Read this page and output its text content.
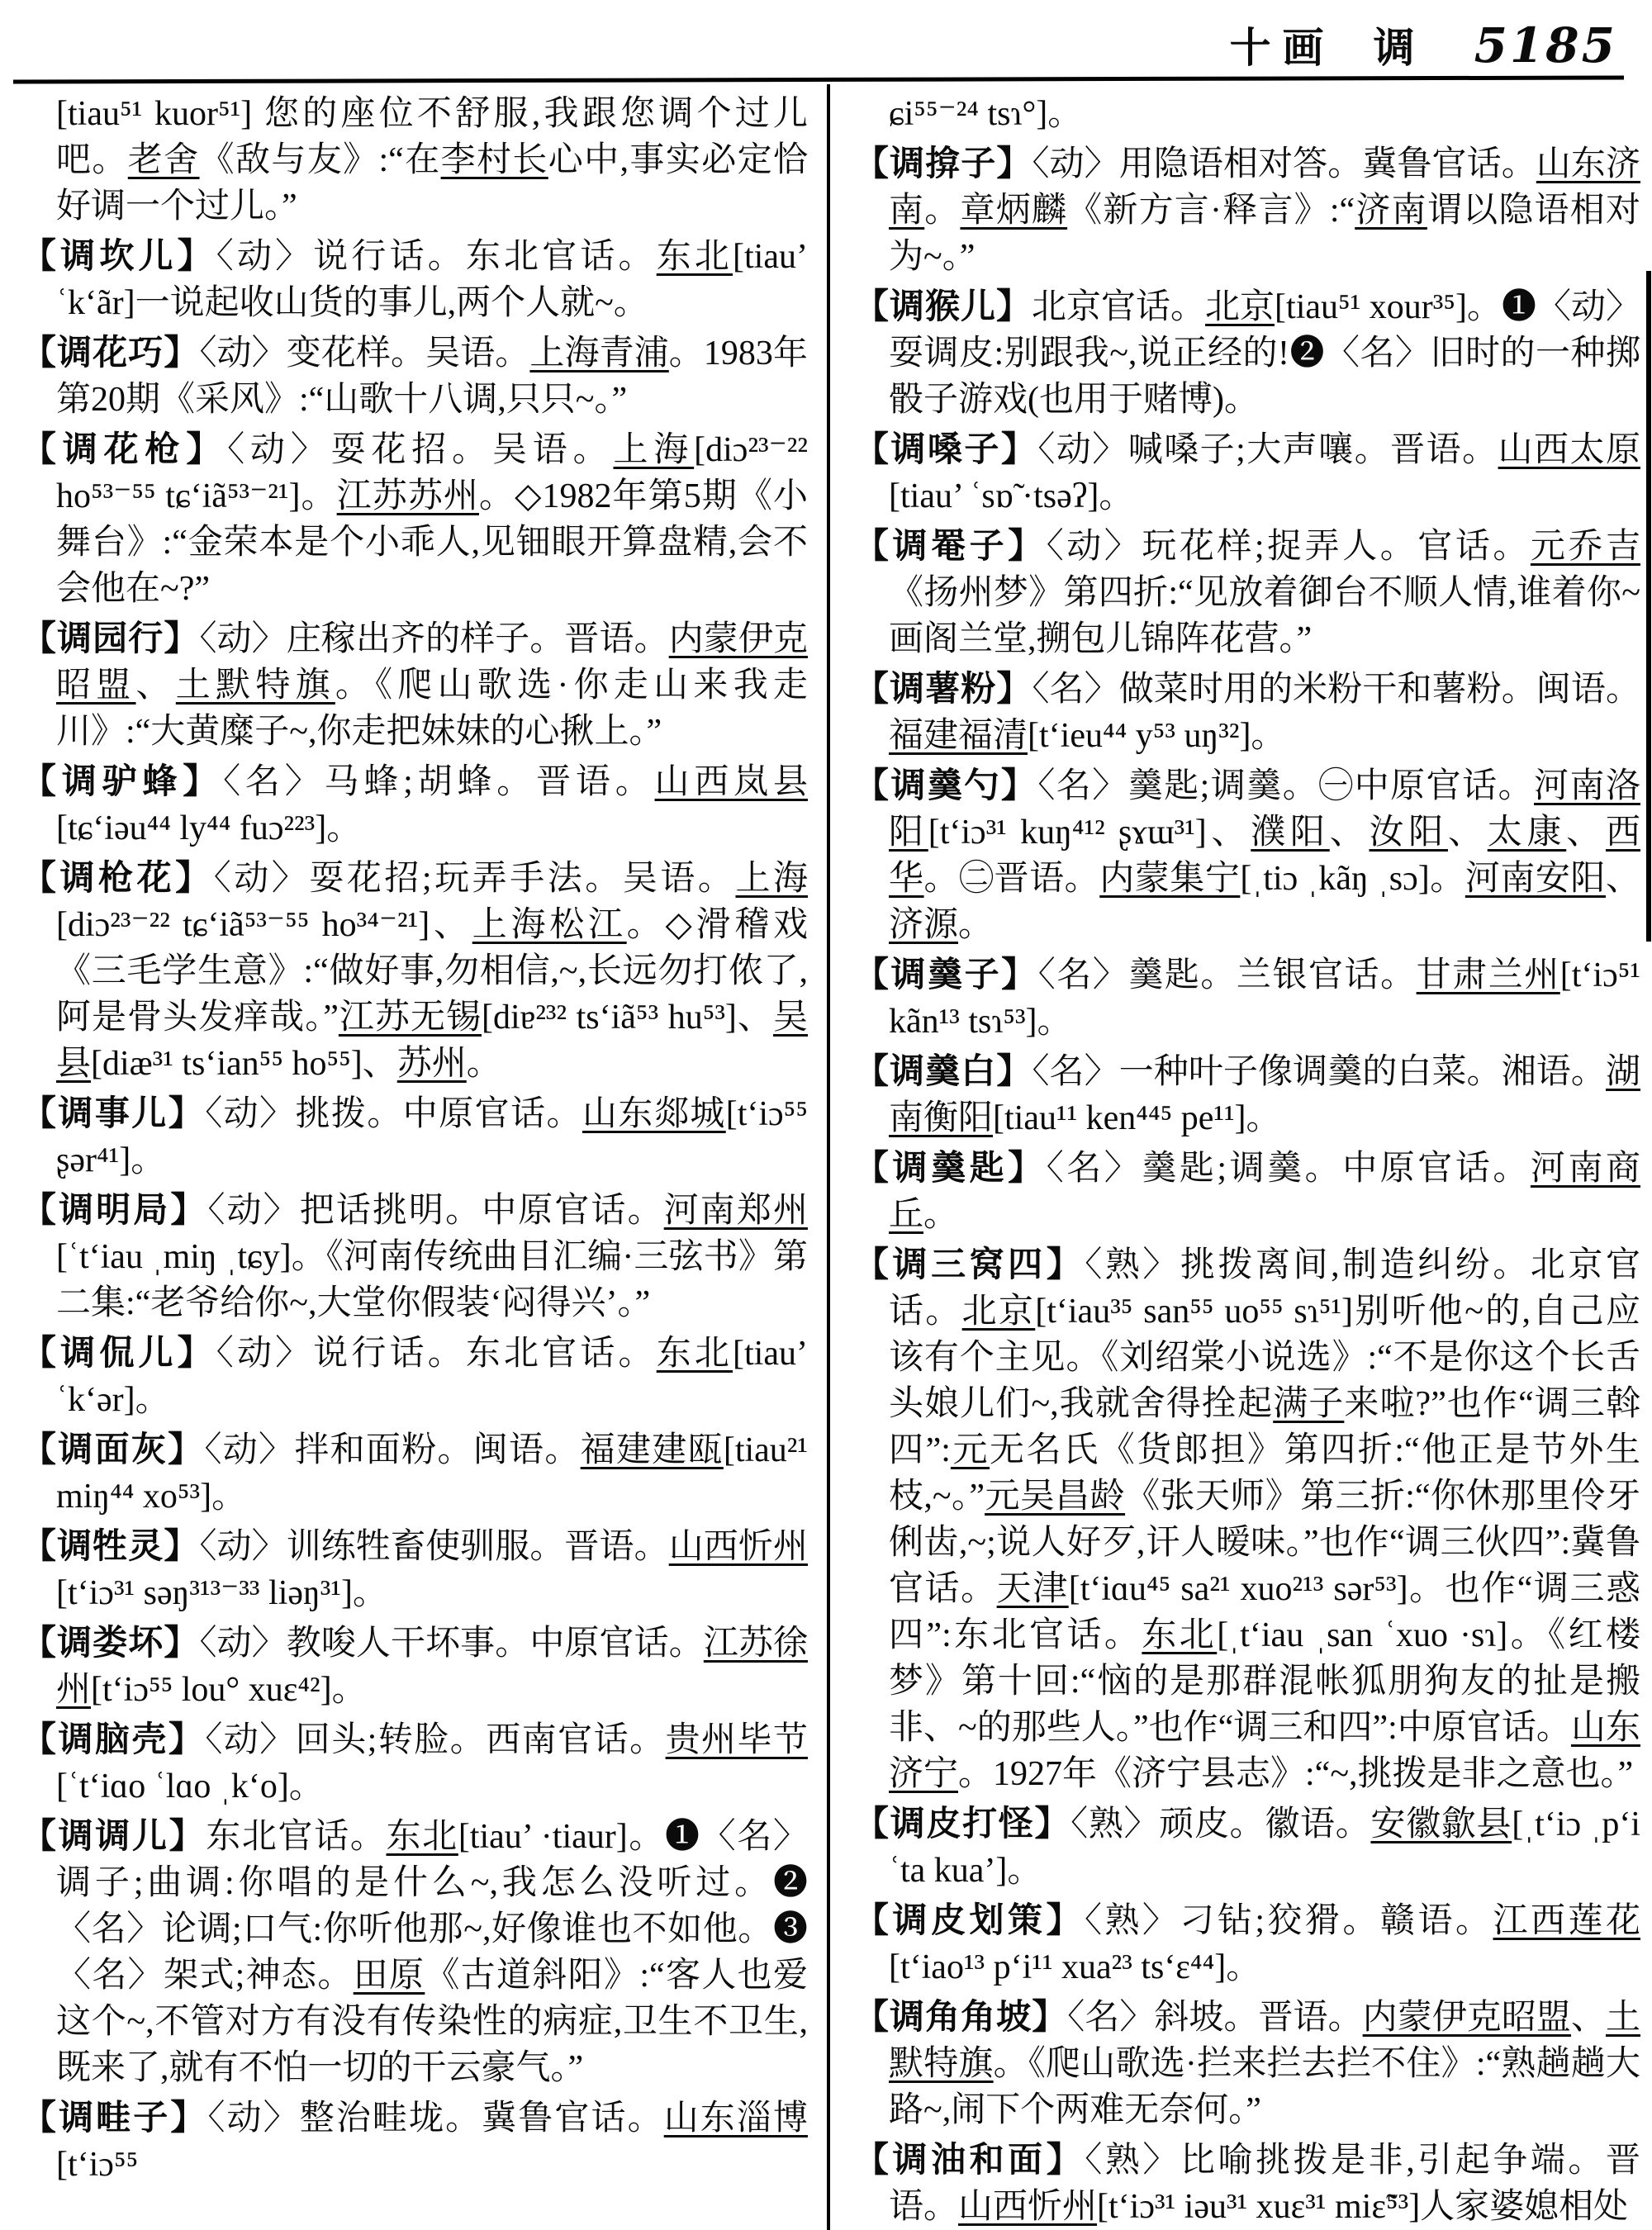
十画 调 5185

[tiau⁵¹ kuor⁵¹] 您的座位不舒服,我跟您调个过儿吧。老舍《敌与友》:“在李村长心中,事实必定恰好调一个过儿。”

【调坎儿】〈动〉说行话。东北官话。东北[tiau’ ʿk‘ãr]一说起收山货的事儿,两个人就~。

【调花巧】〈动〉变花样。吴语。上海青浦。1983年第20期《采风》:“山歌十八调,只只~。”

【调花枪】〈动〉耍花招。吴语。上海[diɔ²³⁻²² ho⁵³⁻⁵⁵ tɕ‘iã⁵³⁻²¹]。江苏苏州。◇1982年第5期《小舞台》:“金荣本是个小乖人,见钿眼开算盘精,会不会他在~?”

【调园行】〈动〉庄稼出齐的样子。晋语。内蒙伊克昭盟、土默特旗。《爬山歌选·你走山来我走川》:“大黄糜子~,你走把妹妹的心揪上。”

【调驴蜂】〈名〉马蜂;胡蜂。晋语。山西岚县[tɕ‘iəu⁴⁴ ly⁴⁴ fuɔ²²³]。

【调枪花】〈动〉耍花招;玩弄手法。吴语。上海[diɔ²³⁻²² tɕ‘iã⁵³⁻⁵⁵ ho³⁴⁻²¹]、上海松江。◇滑稽戏《三毛学生意》:“做好事,勿相信,~,长远勿打侬了,阿是骨头发痒哉。”江苏无锡[diɐ²³² ts‘iã⁵³ hu⁵³]、吴县[diæ³¹ ts‘ian⁵⁵ ho⁵⁵]、苏州。

【调事儿】〈动〉挑拨。中原官话。山东郯城[t‘iɔ⁵⁵ ʂər⁴¹]。

【调明局】〈动〉把话挑明。中原官话。河南郑州[ʿt‘iau ˌmiŋ ˌtɕy]。《河南传统曲目汇编·三弦书》第二集:“老爷给你~,大堂你假装‘闷得兴’。”

【调侃儿】〈动〉说行话。东北官话。东北[tiau’ ʿk‘ər]。

【调面灰】〈动〉拌和面粉。闽语。福建建瓯[tiau²¹ miŋ⁴⁴ xo⁵³]。

【调牲灵】〈动〉训练牲畜使驯服。晋语。山西忻州[t‘iɔ³¹ səŋ³¹³⁻³³ liəŋ³¹]。

【调娄坏】〈动〉教唆人干坏事。中原官话。江苏徐州[t‘iɔ⁵⁵ lou° xuε⁴²]。

【调脑壳】〈动〉回头;转脸。西南官话。贵州毕节[ʿt‘iɑo ʿlɑo ˌk‘o]。

【调调儿】东北官话。东北[tiau’ ·tiaur]。❶〈名〉调子;曲调:你唱的是什么~,我怎么没听过。❷〈名〉论调;口气:你听他那~,好像谁也不如他。❸〈名〉架式;神态。田原《古道斜阳》:“客人也爱这个~,不管对方有没有传染性的病症,卫生不卫生,既来了,就有不怕一切的干云豪气。”

【调畦子】〈动〉整治畦垅。冀鲁官话。山东淄博[t‘iɔ⁵⁵

ɕi⁵⁵⁻²⁴ tsɿ°]。

【调揜子】〈动〉用隐语相对答。冀鲁官话。山东济南。章炳麟《新方言·释言》:“济南谓以隐语相对为~。”

【调猴儿】北京官话。北京[tiau⁵¹ xour³⁵]。❶〈动〉耍调皮:别跟我~,说正经的!❷〈名〉旧时的一种掷骰子游戏(也用于赌博)。

【调嗓子】〈动〉喊嗓子;大声嚷。晋语。山西太原[tiau’ ʿsɒ̃ ·tsəʔ]。

【调罨子】〈动〉玩花样;捉弄人。官话。元乔吉《扬州梦》第四折:“见放着御台不顺人情,谁着你~画阁兰堂,搠包儿锦阵花营。”

【调薯粉】〈名〉做菜时用的米粉干和薯粉。闽语。福建福清[t‘ieu⁴⁴ y⁵³ uŋ³²]。

【调羹勺】〈名〉羹匙;调羹。㊀中原官话。河南洛阳[t‘iɔ³¹ kuŋ⁴¹² ʂɤɯ³¹]、濮阳、汝阳、太康、西华。㊁晋语。内蒙集宁[ˌtiɔ ˌkãŋ ˌsɔ]。河南安阳、济源。

【调羹子】〈名〉羹匙。兰银官话。甘肃兰州[t‘iɔ⁵¹ kãn¹³ tsɿ⁵³]。

【调羹白】〈名〉一种叶子像调羹的白菜。湘语。湖南衡阳[tiau¹¹ ken⁴⁴⁵ pe¹¹]。

【调羹匙】〈名〉羹匙;调羹。中原官话。河南商丘。

【调三窝四】〈熟〉挑拨离间,制造纠纷。北京官话。北京[t‘iau³⁵ san⁵⁵ uo⁵⁵ sɿ⁵¹]别听他~的,自己应该有个主见。《刘绍棠小说选》:“不是你这个长舌头娘儿们~,我就舍得拴起满子来啦?”也作“调三斡四”:元无名氏《货郎担》第四折:“他正是节外生枝,~。”元吴昌龄《张天师》第三折:“你休那里伶牙俐齿,~;说人好歹,讦人暧味。”也作“调三伙四”:冀鲁官话。天津[t‘iɑu⁴⁵ sa²¹ xuo²¹³ sər⁵³]。也作“调三惑四”:东北官话。东北[ˌt‘iau ˌsan ʿxuo ·sɿ]。《红楼梦》第十回:“恼的是那群混帐狐朋狗友的扯是搬非、~的那些人。”也作“调三和四”:中原官话。山东济宁。1927年《济宁县志》:“~,挑拨是非之意也。”

【调皮打怪】〈熟〉顽皮。徽语。安徽歙县[ˌt‘iɔ ˌp‘i ʿta kua’]。

【调皮划策】〈熟〉刁钻;狡猾。赣语。江西莲花[t‘iao¹³ p‘i¹¹ xua²³ ts‘ε⁴⁴]。

【调角角坡】〈名〉斜坡。晋语。内蒙伊克昭盟、土默特旗。《爬山歌选·拦来拦去拦不住》:“熟趟趟大路~,闹下个两难无奈何。”

【调油和面】〈熟〉比喻挑拨是非,引起争端。晋语。山西忻州[t‘iɔ³¹ iəu³¹ xuε³¹ miɛ̃⁵³]人家婆媳相处
